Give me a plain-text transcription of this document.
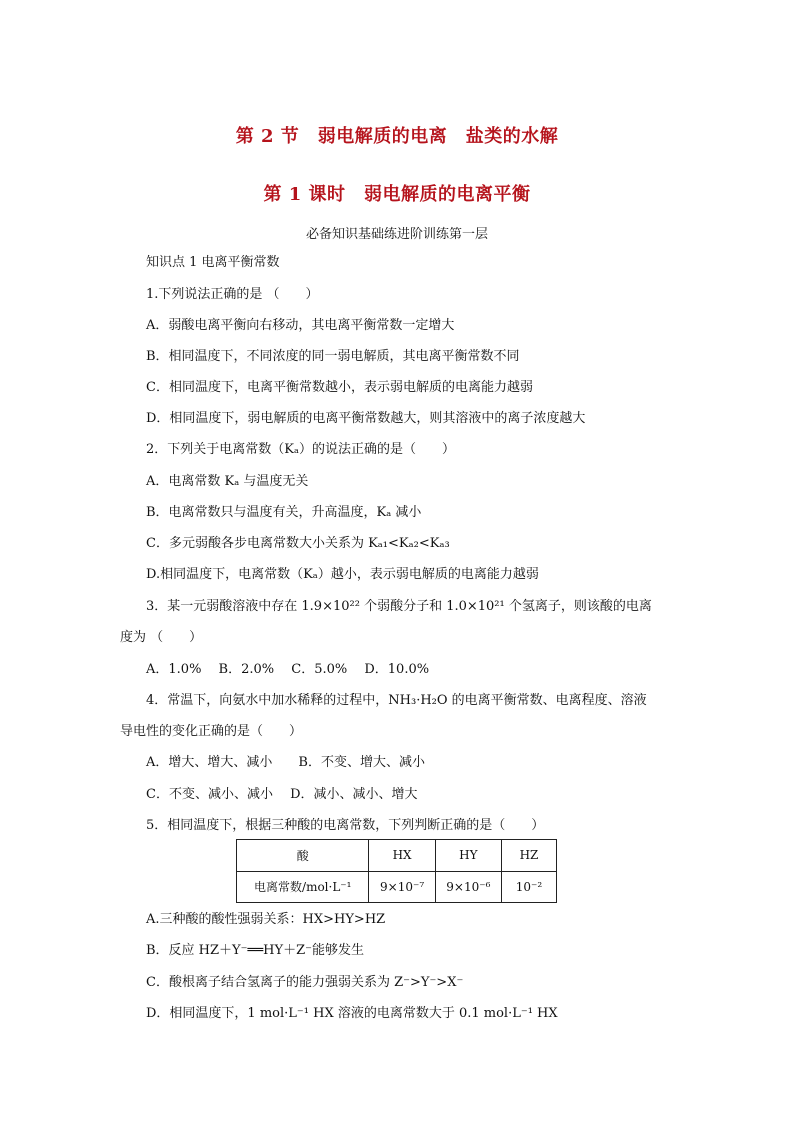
第 2 节　弱电解质的电离　盐类的水解
第 1 课时　弱电解质的电离平衡
必备知识基础练进阶训练第一层
知识点 1 电离平衡常数
1.下列说法正确的是 （　　）
A．弱酸电离平衡向右移动，其电离平衡常数一定增大
B．相同温度下，不同浓度的同一弱电解质，其电离平衡常数不同
C．相同温度下，电离平衡常数越小，表示弱电解质的电离能力越弱
D．相同温度下，弱电解质的电离平衡常数越大，则其溶液中的离子浓度越大
2．下列关于电离常数（Kₐ）的说法正确的是（　　）
A．电离常数 Kₐ 与温度无关
B．电离常数只与温度有关，升高温度，Kₐ 减小
C．多元弱酸各步电离常数大小关系为 Kₐ₁<Kₐ₂<Kₐ₃
D.相同温度下，电离常数（Kₐ）越小，表示弱电解质的电离能力越弱
3．某一元弱酸溶液中存在 1.9×10²² 个弱酸分子和 1.0×10²¹ 个氢离子，则该酸的电离
度为 （　　）
A．1.0%　 B．2.0%　 C．5.0%　 D．10.0%
4．常温下，向氨水中加水稀释的过程中，NH₃·H₂O 的电离平衡常数、电离程度、溶液
导电性的变化正确的是（　　）
A．增大、增大、减小　　B．不变、增大、减小
C．不变、减小、减小　 D．减小、减小、增大
5．相同温度下，根据三种酸的电离常数，下列判断正确的是（　　）
酸	HX	HY	HZ
电离常数/mol·L⁻¹	9×10⁻⁷	9×10⁻⁶	10⁻²
A.三种酸的酸性强弱关系：HX>HY>HZ
B．反应 HZ＋Y⁻══HY＋Z⁻能够发生
C．酸根离子结合氢离子的能力强弱关系为 Z⁻>Y⁻>X⁻
D．相同温度下，1 mol·L⁻¹ HX 溶液的电离常数大于 0.1 mol·L⁻¹ HX
